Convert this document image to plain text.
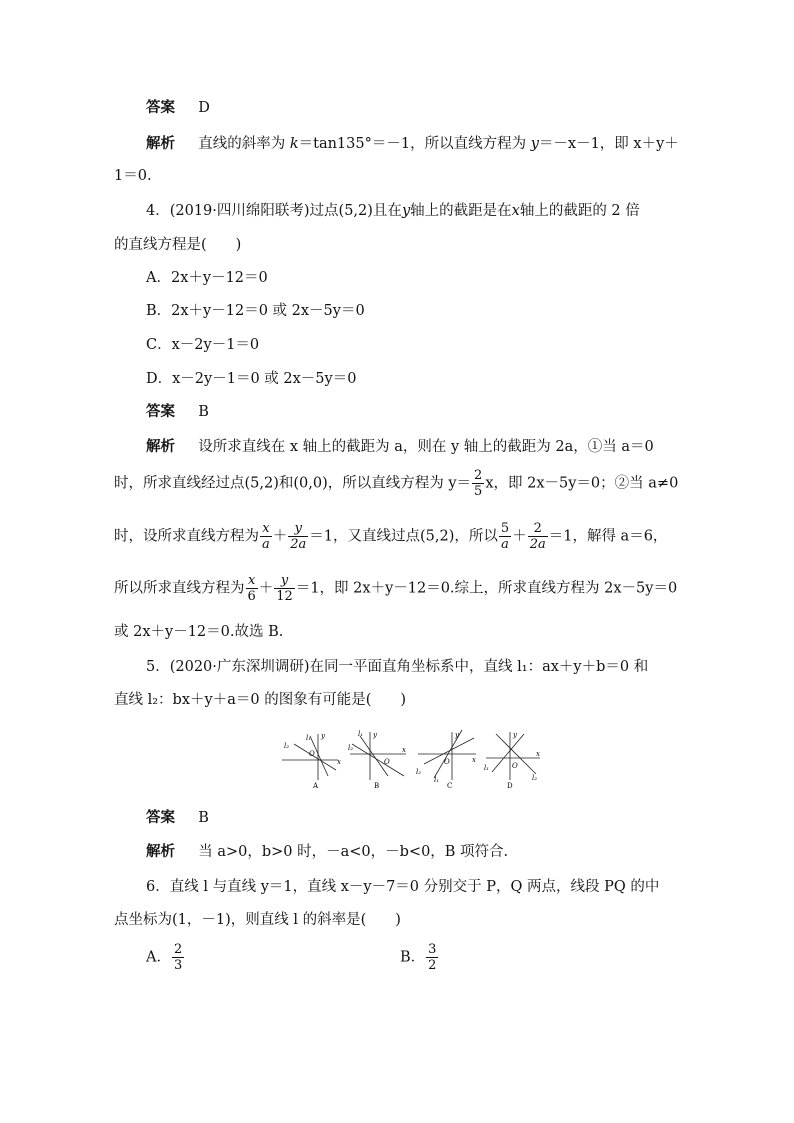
答案 D
解析 直线的斜率为 k＝tan135°＝－1，所以直线方程为 y＝－x－1，即 x＋y＋
1＝0.
4．(2019·四川绵阳联考)过点(5,2)且在y轴上的截距是在x轴上的截距的 2 倍
的直线方程是(　　)
A．2x＋y－12＝0
B．2x＋y－12＝0 或 2x－5y＝0
C．x－2y－1＝0
D．x－2y－1＝0 或 2x－5y＝0
答案 B
解析 设所求直线在 x 轴上的截距为 a，则在 y 轴上的截距为 2a，①当 a＝0
时，所求直线经过点(5,2)和(0,0)，所以直线方程为 $y= \frac{2}{5}$ x，即 2x－5y＝0；②当 a≠0
时，设所求直线方程为 $\frac{x}{a} + \frac{y}{2a} =1$，又直线过点(5,2)，所以 $\frac{5}{a} + \frac{2}{2a} =1$，解得 a＝6，
所以所求直线方程为 $\frac{x}{6} + \frac{y}{12} =1$，即 2x＋y－12＝0.综上，所求直线方程为 2x－5y＝0
或 2x＋y－12＝0.故选 B.
5．(2020·广东深圳调研)在同一平面直角坐标系中，直线 l₁：ax＋y＋b＝0 和
直线 l₂：bx＋y＋a＝0 的图象有可能是(　　)
l₁
l₂
y
x
O
A
l₁
l₂
y
x
O
B
l₂
l₁
y
x
O
C
l₁
l₂
y
x
O
D
答案 B
解析 当 a>0，b>0 时，－a<0，－b<0，B 项符合.
6．直线 l 与直线 y＝1，直线 x－y－7＝0 分别交于 P，Q 两点，线段 PQ 的中
点坐标为(1，－1)，则直线 l 的斜率是(　　)
A． $\frac{2}{3}$	B． $\frac{3}{2}$
